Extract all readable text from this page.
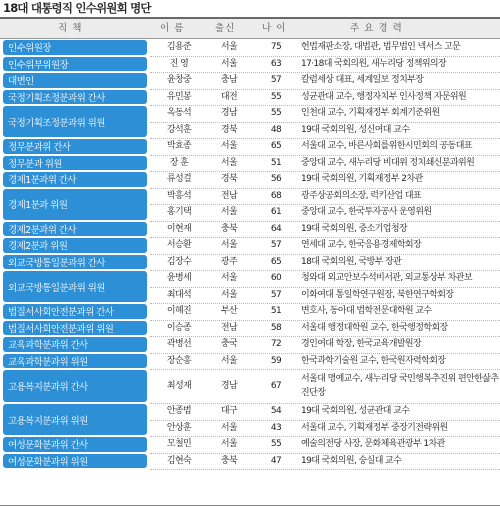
18대 대통령직 인수위원회 명단
직 책	이 름	출신	나 이	주 요 경 력
인수위원장	김용준	서울	75	헌법재판소장, 대법관, 법무법인 넥서스 고문
인수위부위원장	진 영	서울	63	17·18대 국회의원, 새누리당 정책위의장
대변인	윤창중	충남	57	칼럼세상 대표, 세계일보 정치부장
국정기획조정분과위 간사	유민봉	대전	55	성균관대 교수, 행정자치부 인사정책 자문위원
국정기획조정분과위 위원
옥동석	경남	55	인천대 교수, 기획재정부 회계기준위원
강석훈	경북	48	19대 국회의원, 성신여대 교수
정무분과위 간사	박효종	서울	65	서울대 교수, 바른사회를위한시민회의 공동대표
정무분과 위원	장 훈	서울	51	중앙대 교수, 새누리당 비대위 정치쇄신분과위원
경제1분과위 간사	류성걸	경북	56	19대 국회의원, 기획재정부 2차관
경제1분과 위원
박흥석	전남	68	광주상공회의소장, 럭키산업 대표
홍기택	서울	61	중앙대 교수, 한국투자공사 운영위원
경제2분과위 간사	이현재	충북	64	19대 국회의원, 중소기업청장
경제2분과 위원	서승환	서울	57	연세대 교수, 한국응용경제학회장
외교국방통일분과위 간사	김장수	광주	65	18대 국회의원, 국방부 장관
외교국방통일분과위 위원
윤병세	서울	60	청와대 외교안보수석비서관, 외교통상부 차관보
최대석	서울	57	이화여대 통일학연구원장, 북한연구학회장
법질서사회안전분과위 간사	이혜진	부산	51	변호사, 동아대 법학전문대학원 교수
법질서사회안전분과위 위원	이승종	전남	58	서울대 행정대학원 교수, 한국행정학회장
교육과학분과위 간사	곽병선	충국	72	경인여대 학장, 한국교육개발원장
교육과학분과위 위원	장순흥	서울	59	한국과학기술원 교수, 한국원자력학회장
고용복지분과위 간사	최성재	경남	67
서울대 명예교수, 새누리당 국민행복추진위 편안한삶추진단장
고용복지분과위 위원
안종범	대구	54	19대 국회의원, 성균관대 교수
안상훈	서울	43	서울대 교수, 기획재정부 중장기전략위원
여성문화분과위 간사	모철민	서울	55	예술의전당 사장, 문화체육관광부 1차관
여성문화분과위 위원	김현숙	충북	47	19대 국회의원, 숭실대 교수
